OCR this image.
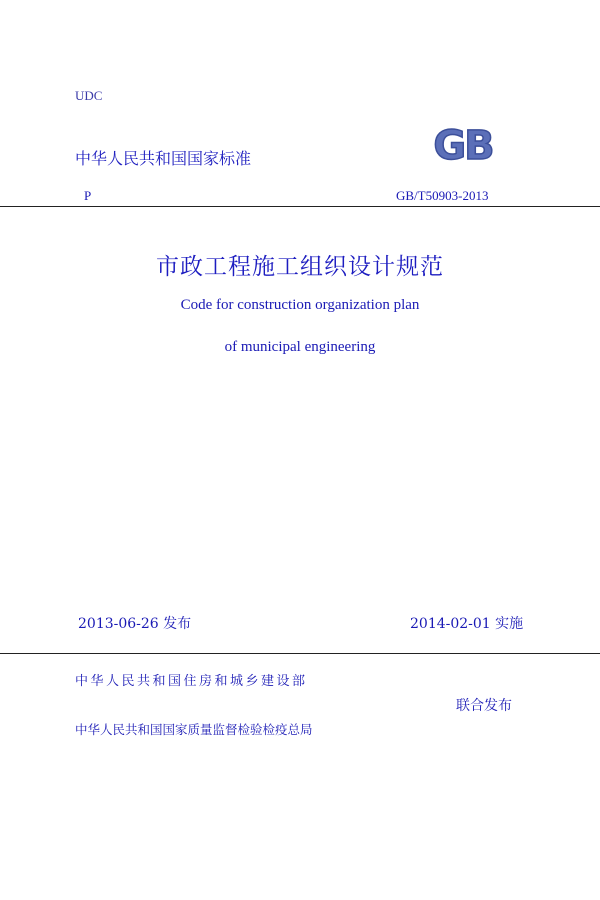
UDC
中华人民共和国国家标准	GB
P	GB/T50903-2013
市政工程施工组织设计规范
Code for construction organization plan
of municipal engineering
2013-06-26 发布	2014-02-01 实施
中华人民共和国住房和城乡建设部
联合发布
中华人民共和国国家质量监督检验检疫总局
